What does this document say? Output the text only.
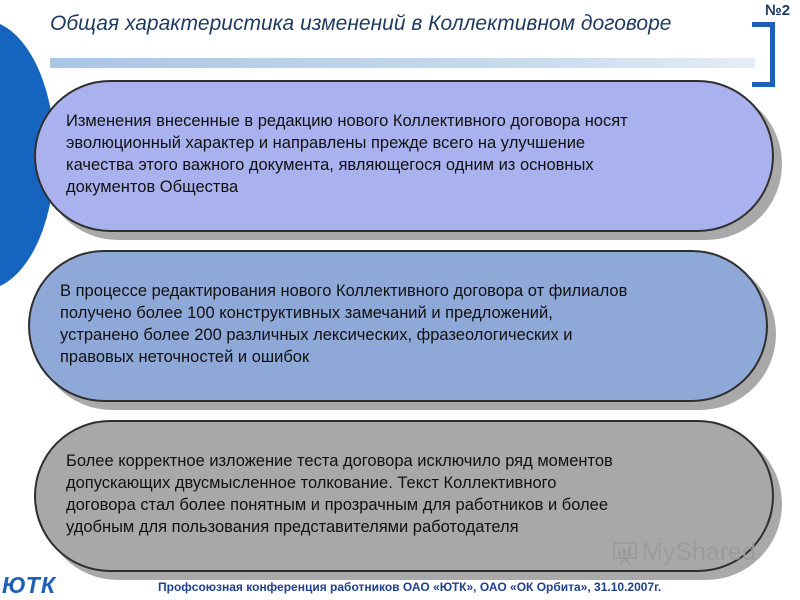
Общая характеристика изменений в Коллективном договоре
№2
Изменения внесенные в редакцию нового Коллективного договора носят
эволюционный характер и направлены прежде всего на улучшение
качества этого важного документа, являющегося одним из основных
документов Общества
В процессе редактирования нового Коллективного договора от филиалов
получено более 100 конструктивных замечаний и предложений,
устранено более 200 различных лексических, фразеологических и
правовых неточностей и ошибок
Более корректное изложение теста договора исключило ряд моментов
допускающих двусмысленное толкование. Текст Коллективного
договора стал более понятным и прозрачным для работников и более
удобным для пользования представителями работодателя
MyShared
ЮТК	Профсоюзная конференция работников ОАО «ЮТК», ОАО «ОК Орбита», 31.10.2007г.
